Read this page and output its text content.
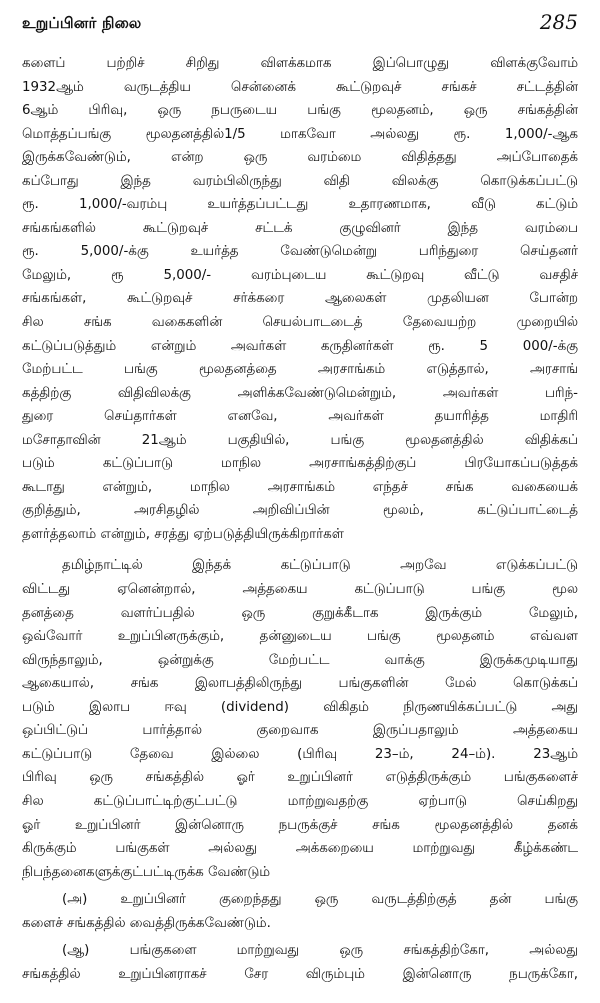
உறுப்பினர் நிலை	285
களைப் பற்றிச் சிறிது விளக்கமாக இப்பொழுது விளக்குவோம்
1932ஆம் வருடத்திய சென்னைக் கூட்டுறவுச் சங்கச் சட்டத்தின்
6ஆம் பிரிவு, ஒரு நபருடைய பங்கு மூலதனம், ஒரு சங்கத்தின்
மொத்தப்பங்கு மூலதனத்தில்1/5 மாகவோ அல்லது ரூ. 1,000/-ஆக
இருக்கவேண்டும், என்ற ஒரு வரம்மை விதித்தது அப்போதைக்
கப்போது இந்த வரம்பிலிருந்து விதி விலக்கு கொடுக்கப்பட்டு
ரூ. 1,000/-வரம்பு உயர்த்தப்பட்டது உதாரணமாக, வீடு கட்டும்
சங்கங்களில் கூட்டுறவுச் சட்டக் குழுவினர் இந்த வரம்பை
ரூ. 5,000/-க்கு உயர்த்த வேண்டுமென்று பரிந்துரை செய்தனர்
மேலும், ரூ 5,000/- வரம்புடைய கூட்டுறவு வீட்டு வசதிச்
சங்கங்கள், கூட்டுறவுச் சர்க்கரை ஆலைகள் முதலியன போன்ற
சில சங்க வகைகளின் செயல்பாடடைத் தேவையற்ற முறையில்
கட்டுப்படுத்தும் என்றும் அவர்கள் கருதினர்கள் ரூ. 5 000/-க்கு
மேற்பட்ட பங்கு மூலதனத்தை அரசாங்கம் எடுத்தால், அரசாங்
கத்திற்கு விதிவிலக்கு அளிக்கவேண்டுமென்றும், அவர்கள் பரிந்-
துரை செய்தார்கள் எனவே, அவர்கள் தயாரித்த மாதிரி
மசோதாவின் 21ஆம் பகுதியில், பங்கு மூலதனத்தில் விதிக்கப்
படும் கட்டுப்பாடு மாநில அரசாங்கத்திற்குப் பிரயோகப்படுத்தக்
கூடாது என்றும், மாநில அரசாங்கம் எந்தச் சங்க வகையைக்
குறித்தும், அரசிதழில் அறிவிப்பின் மூலம், கட்டுப்பாட்டைத்
தளர்த்தலாம் என்றும், சரத்து ஏற்படுத்தியிருக்கிறார்கள்
தமிழ்நாட்டில் இந்தக் கட்டுப்பாடு அறவே எடுக்கப்பட்டு
விட்டது ஏனென்றால், அத்தகைய கட்டுப்பாடு பங்கு மூல
தனத்தை வளர்ப்பதில் ஒரு குறுக்கீடாக இருக்கும் மேலும்,
ஒவ்வோர் உறுப்பினருக்கும், தன்னுடைய பங்கு மூலதனம் எவ்வள
விருந்தாலும், ஒன்றுக்கு மேற்பட்ட வாக்கு இருக்கமுடியாது
ஆகையால், சங்க இலாபத்திலிருந்து பங்குகளின் மேல் கொடுக்கப்
படும் இலாப ஈவு (dividend) விகிதம் நிருணயிக்கப்பட்டு அது
ஒப்பிட்டுப் பார்த்தால் குறைவாக இருப்பதாலும் அத்தகைய
கட்டுப்பாடு தேவை இல்லை (பிரிவு 23–ம், 24–ம்). 23ஆம்
பிரிவு ஒரு சங்கத்தில் ஓர் உறுப்பினர் எடுத்திருக்கும் பங்குகளைச்
சில கட்டுப்பாட்டிற்குட்பட்டு மாற்றுவதற்கு ஏற்பாடு செய்கிறது
ஓர் உறுப்பினர் இன்னொரு நபருக்குச் சங்க மூலதனத்தில் தனக்
கிருக்கும் பங்குகள் அல்லது அக்கறையை மாற்றுவது கீழ்க்கண்ட
நிபந்தனைகளுக்குட்பட்டிருக்க வேண்டும்
(அ) உறுப்பினர் குறைந்தது ஒரு வருடத்திற்குத் தன் பங்கு
களைச் சங்கத்தில் வைத்திருக்கவேண்டும்.
(ஆ) பங்குகளை மாற்றுவது ஒரு சங்கத்திற்கோ, அல்லது
சங்கத்தில் உறுப்பினராகச் சேர விரும்பும் இன்னொரு நபருக்கோ,
